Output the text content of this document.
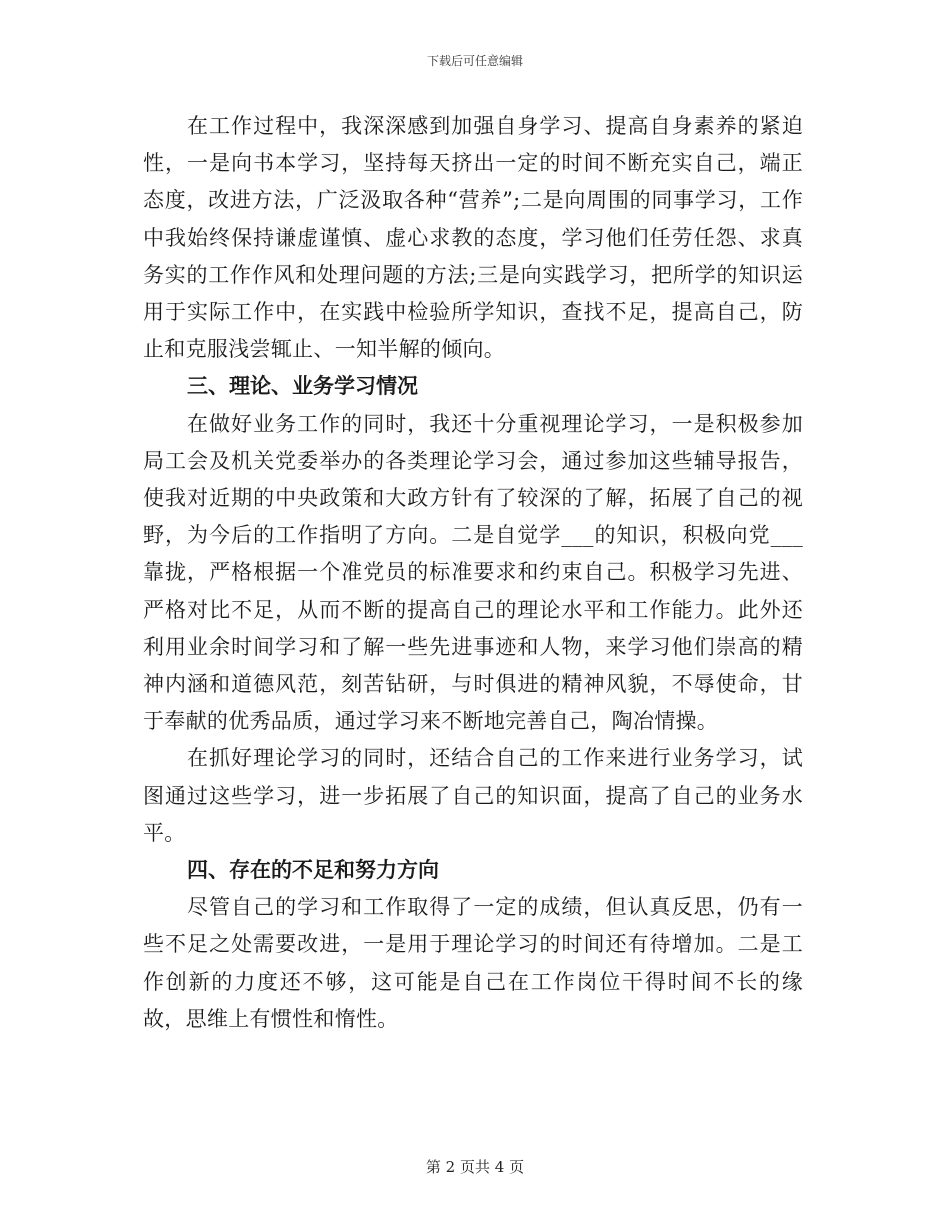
下载后可任意编辑

在工作过程中，我深深感到加强自身学习、提高自身素养的紧迫性，一是向书本学习，坚持每天挤出一定的时间不断充实自己，端正态度，改进方法，广泛汲取各种“营养”;二是向周围的同事学习，工作中我始终保持谦虚谨慎、虚心求教的态度，学习他们任劳任怨、求真务实的工作作风和处理问题的方法;三是向实践学习，把所学的知识运用于实际工作中，在实践中检验所学知识，查找不足，提高自己，防止和克服浅尝辄止、一知半解的倾向。

三、理论、业务学习情况

在做好业务工作的同时，我还十分重视理论学习，一是积极参加局工会及机关党委举办的各类理论学习会，通过参加这些辅导报告，使我对近期的中央政策和大政方针有了较深的了解，拓展了自己的视野，为今后的工作指明了方向。二是自觉学___的知识，积极向党___靠拢，严格根据一个准党员的标准要求和约束自己。积极学习先进、严格对比不足，从而不断的提高自己的理论水平和工作能力。此外还利用业余时间学习和了解一些先进事迹和人物，来学习他们崇高的精神内涵和道德风范，刻苦钻研，与时俱进的精神风貌，不辱使命，甘于奉献的优秀品质，通过学习来不断地完善自己，陶冶情操。

在抓好理论学习的同时，还结合自己的工作来进行业务学习，试图通过这些学习，进一步拓展了自己的知识面，提高了自己的业务水平。

四、存在的不足和努力方向

尽管自己的学习和工作取得了一定的成绩，但认真反思，仍有一些不足之处需要改进，一是用于理论学习的时间还有待增加。二是工作创新的力度还不够，这可能是自己在工作岗位干得时间不长的缘故，思维上有惯性和惰性。

第 2 页共 4 页
